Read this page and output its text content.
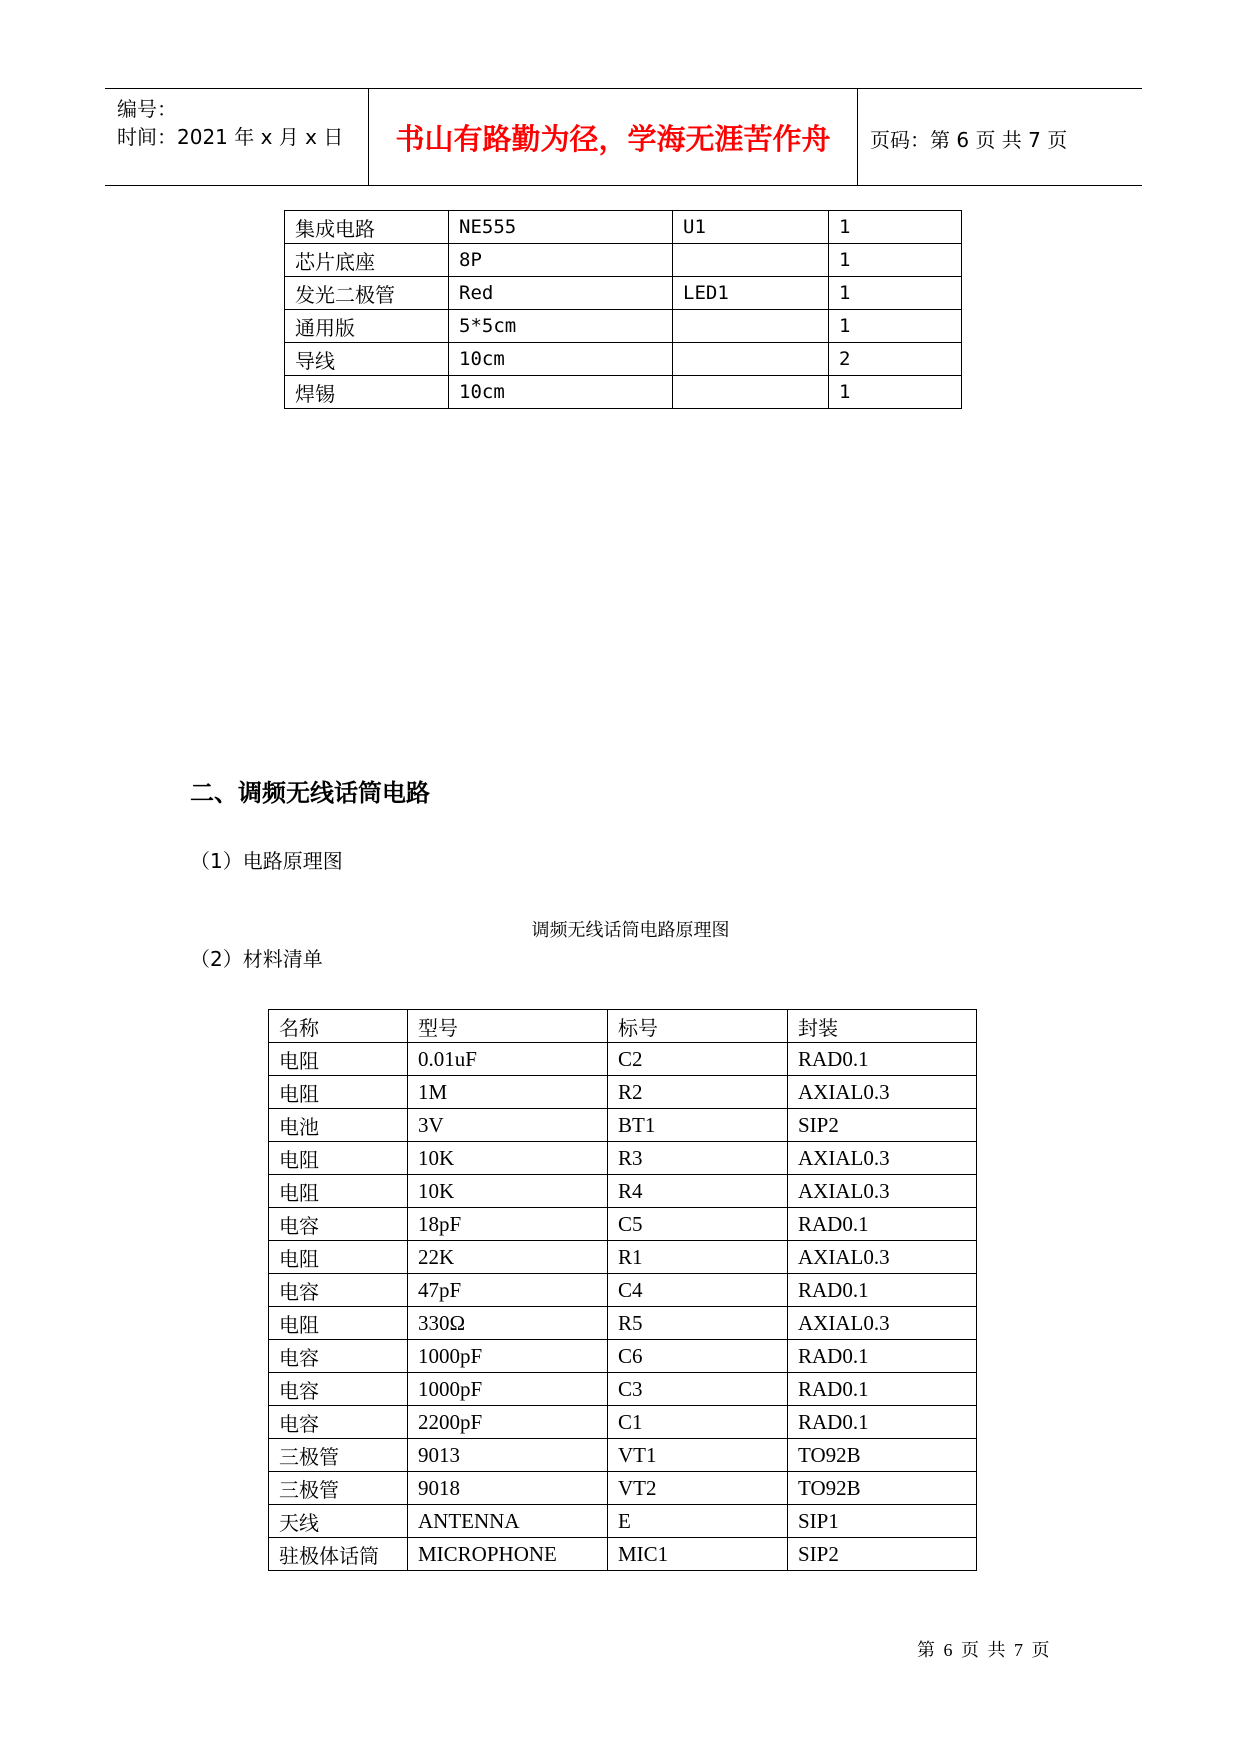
编号：
时间：2021 年 x 月 x 日	书山有路勤为径，学海无涯苦作舟	页码：第 6 页 共 7 页
集成电路	NE555	U1	1
芯片底座	8P		1
发光二极管	Red	LED1	1
通用版	5*5cm		1
导线	10cm		2
焊锡	10cm		1
二、调频无线话筒电路
（1）电路原理图
调频无线话筒电路原理图
（2）材料清单
名称	型号	标号	封装
电阻	0.01uF	C2	RAD0.1
电阻	1M	R2	AXIAL0.3
电池	3V	BT1	SIP2
电阻	10K	R3	AXIAL0.3
电阻	10K	R4	AXIAL0.3
电容	18pF	C5	RAD0.1
电阻	22K	R1	AXIAL0.3
电容	47pF	C4	RAD0.1
电阻	330Ω	R5	AXIAL0.3
电容	1000pF	C6	RAD0.1
电容	1000pF	C3	RAD0.1
电容	2200pF	C1	RAD0.1
三极管	9013	VT1	TO92B
三极管	9018	VT2	TO92B
天线	ANTENNA	E	SIP1
驻极体话筒	MICROPHONE	MIC1	SIP2
第 6 页 共 7 页
